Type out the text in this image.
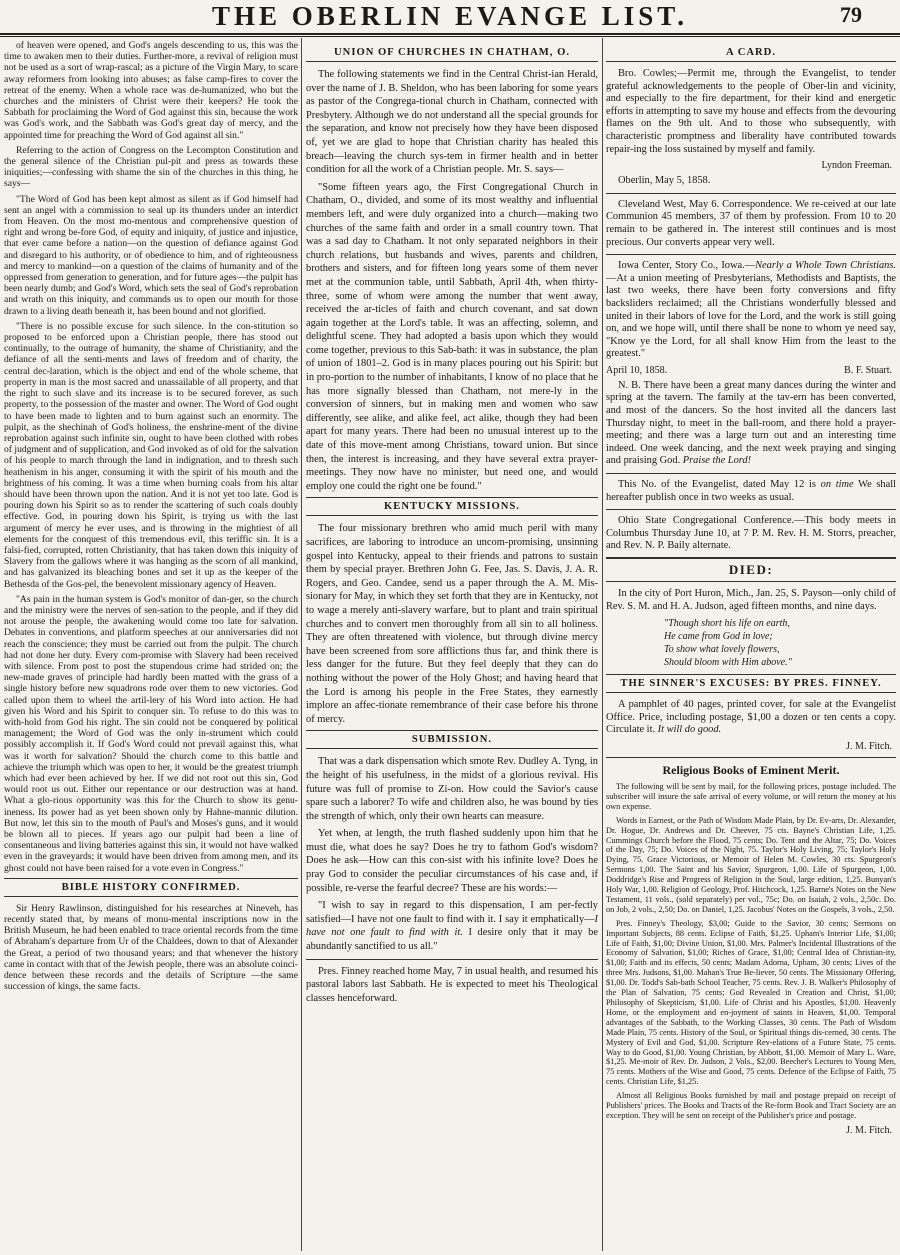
THE OBERLIN EVANGE LIST.	79

of heaven were opened, and God's angels descending to us, this was the time to awaken men to their duties. Further-more, a revival of religion must not be used as a sort of wrap-rascal; as a picture of the Virgin Mary, to scare away reformers from looking into abuses; as false camp-fires to cover the retreat of the enemy. When a whole race was de-humanized, who but the churches and the ministers of Christ were their keepers? He took the Sabbath for proclaiming the Word of God against this sin, because the work was God's work, and the Sabbath was God's great day of mercy, and the appointed time for preaching the Word of God against all sin."

Referring to the action of Congress on the Lecompton Constitution and the general silence of the Christian pul-pit and press as towards these iniquities;—confessing with shame the sin of the churches in this thing, he says—

"The Word of God has been kept almost as silent as if God himself had sent an angel with a commission to seal up its thunders under an interdict from Heaven. On the most mo-mentous and comprehensive question of right and wrong be-fore God, of equity and iniquity, of justice and injustice, that ever came before a nation—on the question of defiance against God and disregard to his authority, or of obedience to him, and of righteousness and mercy to mankind—on a question of the claims of humanity and of the oppressed from generation to generation, and for future ages—the pulpit has been nearly dumb; and God's Word, which sets the seal of God's reprobation and wrath on this iniquity, and commands us to open our mouth for those drawn to a living death beneath it, has been bound and not glorified.

"There is no possible excuse for such silence. In the con-stitution so proposed to be enforced upon a Christian people, there has stood out continually, to the outrage of humanity, the shame of Christianity, and the defiance of all the senti-ments and laws of freedom and of charity, the central dec-laration, which is the object and end of the whole scheme, that property in man is the most sacred and unassailable of all property, and that the right to such slave and its increase is to be secured forever, as such property, to the possession of the master and owner. The Word of God ought to have been made to lighten and to burn against such an enormity. The pulpit, as the shechinah of God's holiness, the enshrine-ment of the divine reprobation against such infinite sin, ought to have been clothed with robes of judgment and of supplication, and God invoked as of old for the salvation of his people to march through the land in indignation, and to thresh such heathenism in his anger, consuming it with the spirit of his mouth and the brightness of his coming. It was a time when burning coals from his altar should have been thrown upon the nation. And it is not yet too late. God is pouring down his Spirit so as to render the scattering of such coals doubly effective. God, in pouring down his Spirit, is trying us with the last argument of mercy he ever uses, and is throwing in the mightiest of all elements for the conquest of this tremendous evil, this teriffic sin. It is a falsi-fied, corrupted, rotten Christianity, that has taken down this iniquity of Slavery from the gallows where it was hanging as the scorn of all mankind, and has galvanized its bleaching bones and set it up as the keeper of the Bethesda of the Gos-pel, the benevolent missionary agency of Heaven.

"As pain in the human system is God's monitor of dan-ger, so the church and the ministry were the nerves of sen-sation to the people, and if they did not arouse the people, the awakening would come too late for salvation. Debates in conventions, and platform speeches at our anniversaries did not reach the conscience; they must be carried out from the pulpit. The church had not done her duty. Every com-promise with Slavery had been received with silence. From post to post the stupendous crime had strided on; the new-made graves of principle had hardly been matted with the grass of a single history before new squadrons rode over them to new victories. God called upon them to wheel the artil-lery of his Word into action. He had given his Word and his Spirit to conquer sin. To refuse to do this was to with-hold from God his right. The sin could not be conquered by political management; the Word of God was the only in-strument which could possibly accomplish it. If God's Word could not prevail against this, what was it worth for salvation? Should the church come to this battle and achieve the triumph which was open to her, it would be the greatest triumph which had ever been achieved by her. If we did not root out this sin, God would root us out. Either our repentance or our destruction was at hand. What a glo-rious opportunity was this for the Church to show its genu-ineness. Its power had as yet been shown only by Hahne-mannic dilution. But now, let this sin to the mouth of Paul's and Moses's guns, and it would be blown all to pieces. If years ago our pulpit had been a line of consentaneous and living batteries against this sin, it would not have walked even in the graveyards; it would have been driven from among men, and its ghost could not have been raised for a vote even in Congress."

BIBLE HISTORY CONFIRMED.

Sir Henry Rawlinson, distinguished for his researches at Nineveh, has recently stated that, by means of monu-mental inscriptions now in the British Museum, he had been enabled to trace oriental records from the time of Abraham's departure from Ur of the Chaldees, down to that of Alexander the Great, a period of two thousand years; and that whenever the history came in contact with that of the Jewish people, there was an absolute coinci-dence between these records and the details of Scripture —the same succession of kings, the same facts.

UNION OF CHURCHES IN CHATHAM, O.

The following statements we find in the Central Christ-ian Herald, over the name of J. B. Sheldon, who has been laboring for some years as pastor of the Congrega-tional church in Chatham, connected with Presbytery. Although we do not understand all the special grounds for the separation, and know not precisely how they have been disposed of, yet we are glad to hope that Christian charity has healed this breach—leaving the church sys-tem in firmer health and in better condition for all the work of a Christian people. Mr. S. says—

"Some fifteen years ago, the First Congregational Church in Chatham, O., divided, and some of its most wealthy and influential members left, and were duly organized into a church—making two churches of the same faith and order in a small country town. That was a sad day to Chatham. It not only separated neighbors in their church relations, but husbands and wives, parents and children, brothers and sisters, and for fifteen long years some of them never met at the communion table, until Sabbath, April 4th, when thirty-three, some of whom were among the number that went away, received the ar-ticles of faith and church covenant, and sat down again together at the Lord's table. It was an affecting, solemn, and delightful scene. They had adopted a basis upon which they would come together, previous to this Sab-bath: it was in substance, the plan of union of 1801–2. God is in many places pouring out his Spirit: but in pro-portion to the number of inhabitants, I know of no place that he has more signally blessed than Chatham, not mere-ly in the conversion of sinners, but in making men and women who saw differently, see alike, and alike feel, act alike, though they had been apart for many years. There had been no unusual interest up to the date of this move-ment among Christians, toward union. But since then, the interest is increasing, and they have several extra prayer-meetings. They now have no minister, but need one, and would employ one could the right one be found."

KENTUCKY MISSIONS.

The four missionary brethren who amid much peril with many sacrifices, are laboring to introduce an uncom-promising, unsinning gospel into Kentucky, appeal to their friends and patrons to sustain them by special prayer. Brethren John G. Fee, Jas. S. Davis, J. A. R. Rogers, and Geo. Candee, send us a paper through the A. M. Mis-sionary for May, in which they set forth that they are in Kentucky, not to wage a merely anti-slavery warfare, but to plant and train spiritual churches and to convert men thoroughly from all sin to all holiness. They are often threatened with violence, but through divine mercy have been screened from sore afflictions thus far, and think there is less danger for the future. But they feel deeply that they can do nothing without the power of the Holy Ghost; and having heard that the Lord is among his people in the Free States, they earnestly implore an affec-tionate remembrance of their case before his throne of mercy.

SUBMISSION.

That was a dark dispensation which smote Rev. Dudley A. Tyng, in the height of his usefulness, in the midst of a glorious revival. His future was full of promise to Zi-on. How could the Savior's cause spare such a laborer? To wife and children also, he was bound by ties the strength of which, only their own hearts can measure.

Yet when, at length, the truth flashed suddenly upon him that he must die, what does he say? Does he try to fathom God's wisdom? Does he ask—How can this con-sist with his infinite love? Does he pray God to consider the peculiar circumstances of his case and, if possible, re-verse the fearful decree? These are his words:—

"I wish to say in regard to this dispensation, I am per-fectly satisfied—I have not one fault to find with it. I say it emphatically—I have not one fault to find with it. I desire only that it may be abundantly sanctified to us all."

Pres. Finney reached home May, 7 in usual health, and resumed his pastoral labors last Sabbath. He is expected to meet his Theological classes henceforward.

A CARD.

Bro. Cowles;—Permit me, through the Evangelist, to tender grateful acknowledgements to the people of Ober-lin and vicinity, and especially to the fire department, for their kind and energetic efforts in attempting to save my house and effects from the devouring flames on the 9th ult. And to those who subsequently, with characteristic promptness and liberality have contributed towards repair-ing the loss sustained by myself and family.

Lyndon Freeman.

Oberlin, May 5, 1858.

Cleveland West, May 6. Correspondence. We re-ceived at our late Communion 45 members, 37 of them by profession. From 10 to 20 remain to be gathered in. The interest still continues and is most precious. Our converts appear very well.

Iowa Center, Story Co., Iowa.—Nearly a Whole Town Christians.—At a union meeting of Presbyterians, Methodists and Baptists, the last two weeks, there have been forty conversions and fifty backsliders reclaimed; all the Christians wonderfully blessed and united in their labors of love for the Lord, and the work is still going on, and we hope will, until there shall be none to whom ye need say, "Know ye the Lord, for all shall know Him from the least to the greatest."

April 10, 1858.	B. F. Stuart.

N. B. There have been a great many dances during the winter and spring at the tavern. The family at the tav-ern has been converted, and most of the dancers. So the host invited all the dancers last Thursday night, to meet in the ball-room, and there hold a prayer-meeting; and there was a large turn out and an interesting time indeed. One week dancing, and the next week praying and singing and praising God. Praise the Lord!

This No. of the Evangelist, dated May 12 is on time We shall hereafter publish once in two weeks as usual.

Ohio State Congregational Conference.—This body meets in Columbus Thursday June 10, at 7 P. M. Rev. H. M. Storrs, preacher, and Rev. N. P. Baily alternate.

DIED:

In the city of Port Huron, Mich., Jan. 25, S. Payson—only child of Rev. S. M. and H. A. Judson, aged fifteen months, and nine days.

"Though short his life on earth,
He came from God in love;
To show what lovely flowers,
Should bloom with Him above."
THE SINNER'S EXCUSES: BY PRES. FINNEY.

A pamphlet of 40 pages, printed cover, for sale at the Evangelist Office. Price, including postage, $1,00 a dozen or ten cents a copy. Circulate it. It will do good.

J. M. Fitch.
Religious Books of Eminent Merit.

The following will be sent by mail, for the following prices, postage included. The subscriber will insure the safe arrival of every volume, or will return the money at his own expense.

Words in Earnest, or the Path of Wisdom Made Plain, by Dr. Ev-arts, Dr. Alexander, Dr. Hogue, Dr. Andrews and Dr. Cheever, 75 cts. Bayne's Christian Life, 1,25. Cummings Church before the Flood, 75 cents; Do. Tent and the Altar, 75; Do. Voices of the Day, 75; Do. Voices of the Night, 75. Taylor's Holy Living, 75; Taylor's Holy Dying, 75. Grace Victorious, or Memoir of Helen M. Cowles, 30 cts. Spurgeon's Sermons 1,00. The Saint and his Savior, Spurgeon, 1,00. Life of Spurgeon, 1,00. Doddridge's Rise and Progress of Religion in the Soul, large edition, 1,25. Bunyan's Holy War, 1,00. Religion of Geology, Prof. Hitchcock, 1,25. Barne's Notes on the New Testament, 11 vols., (sold separately) per vol., 75c; Do. on Isaiah, 2 vols., 2,50c. Do. on Job, 2 vols., 2,50; Do. on Daniel, 1,25. Jacobus' Notes on the Gospels, 3 vols., 2,50.

Pres. Finney's Theology, $3,00; Guide to the Savior, 30 cents; Sermons on Important Subjects, 88 cents. Eclipse of Faith, $1,25. Upham's Interior Life, $1,00; Life of Faith, $1,00; Divine Union, $1,00. Mrs. Palmer's Incidental Illustrations of the Economy of Salvation, $1,00; Riches of Grace, $1,00; Central Idea of Christian-ity, $1,00; Faith and its effects, 50 cents; Madam Adorna, Upham, 30 cents; Lives of the three Mrs. Judsons, $1,00. Mahan's True Be-liever, 50 cents. The Missionary Offering, $1,00. Dr. Todd's Sab-bath School Teacher, 75 cents. Rev. J. B. Walker's Philosophy of the Plan of Salvation, 75 cents; God Revealed in Creation and Christ, $1,00; Philosophy of Skepticism, $1,00. Life of Christ and his Apostles, $1,00. Heavenly Home, or the employment and en-joyment of saints in Heaven, $1,00. Temporal advantages of the Sabbath, to the Working Classes, 30 cents. The Path of Wisdom Made Plain, 75 cents. History of the Soul, or Spiritual things dis-cerned, 30 cents. The Mystery of Evil and God, $1,00. Scripture Rev-elations of a Future State, 75 cents. Way to do Good, $1,00. Young Christian, by Abbott, $1,00. Memoir of Mary L. Ware, $1,25. Me-moir of Rev. Dr. Judson, 2 Vols., $2,00. Beecher's Lectures to Young Men, 75 cents. Mothers of the Wise and Good, 75 cents. Defence of the Eclipse of Faith, 75 cents. Christian Life, $1,25.

Almost all Religious Books furnished by mail and postage prepaid on receipt of Publishers' prices. The Books and Tracts of the Re-form Book and Tract Society are an exception. They will be sent on receipt of the Publisher's price and postage.

J. M. Fitch.
